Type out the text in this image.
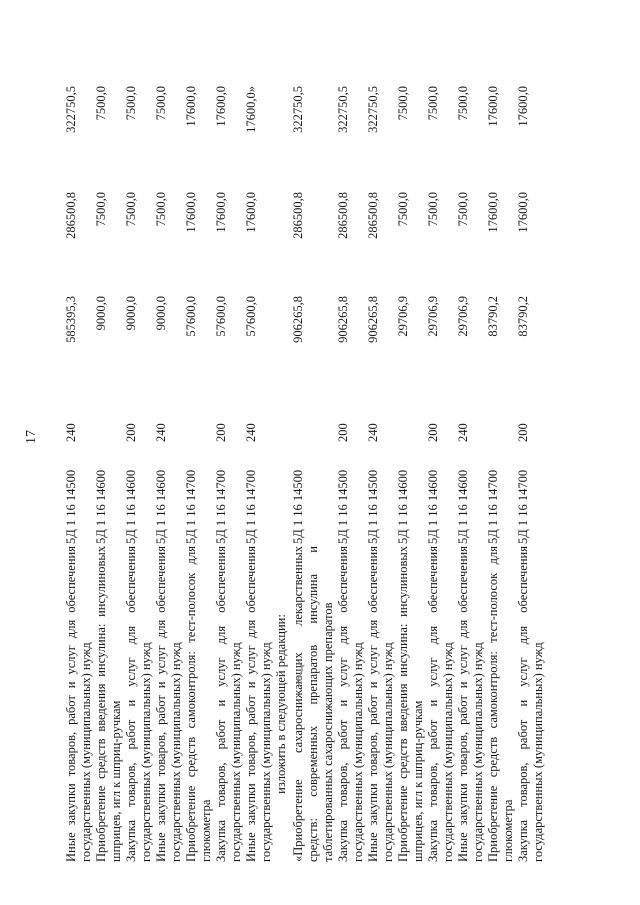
17
Иные закупки товаров, работ и услуг для обеспечения государственных (муниципальных) нужд
5Д 1 16 14500
240
585395,3
286500,8
322750,5
Приобретение средств введения инсулина: инсулиновых шприцев, игл к шприц-ручкам
5Д 1 16 14600
9000,0
7500,0
7500,0
Закупка товаров, работ и услуг для обеспечения государственных (муниципальных) нужд
5Д 1 16 14600
200
9000,0
7500,0
7500,0
Иные закупки товаров, работ и услуг для обеспечения государственных (муниципальных) нужд
5Д 1 16 14600
240
9000,0
7500,0
7500,0
Приобретение средств самоконтроля: тест-полосок для глюкометра
5Д 1 16 14700
57600,0
17600,0
17600,0
Закупка товаров, работ и услуг для обеспечения государственных (муниципальных) нужд
5Д 1 16 14700
200
57600,0
17600,0
17600,0
Иные закупки товаров, работ и услуг для обеспечения государственных (муниципальных) нужд
5Д 1 16 14700
240
57600,0
17600,0
17600,0»
изложить в следующей редакции: «Приобретение сахароснижающих лекарственных средств: современных препаратов инсулина и таблетированных сахароснижающих препаратов
5Д 1 16 14500
906265,8
286500,8
322750,5
Закупка товаров, работ и услуг для обеспечения государственных (муниципальных) нужд
5Д 1 16 14500
200
906265,8
286500,8
322750,5
Иные закупки товаров, работ и услуг для обеспечения государственных (муниципальных) нужд
5Д 1 16 14500
240
906265,8
286500,8
322750,5
Приобретение средств введения инсулина: инсулиновых шприцев, игл к шприц-ручкам
5Д 1 16 14600
29706,9
7500,0
7500,0
Закупка товаров, работ и услуг для обеспечения государственных (муниципальных) нужд
5Д 1 16 14600
200
29706,9
7500,0
7500,0
Иные закупки товаров, работ и услуг для обеспечения государственных (муниципальных) нужд
5Д 1 16 14600
240
29706,9
7500,0
7500,0
Приобретение средств самоконтроля: тест-полосок для глюкометра
5Д 1 16 14700
83790,2
17600,0
17600,0
Закупка товаров, работ и услуг для обеспечения государственных (муниципальных) нужд
5Д 1 16 14700
200
83790,2
17600,0
17600,0
